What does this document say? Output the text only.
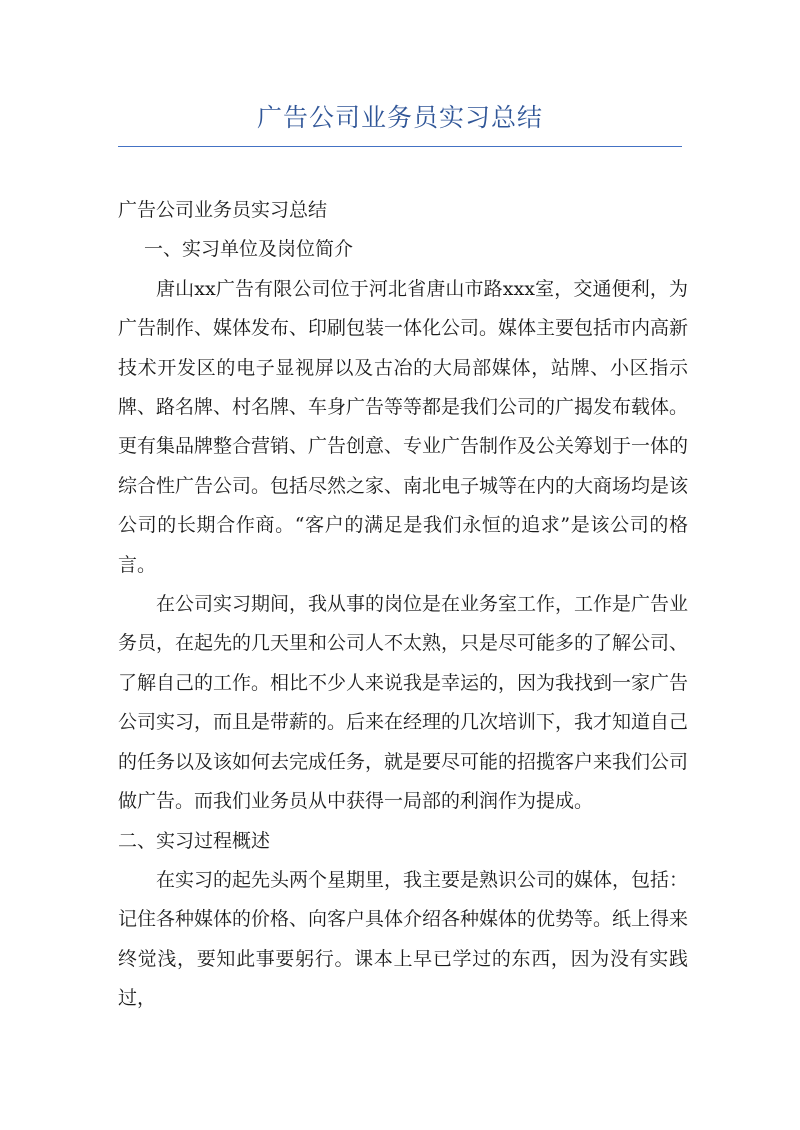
广告公司业务员实习总结

广告公司业务员实习总结

一、实习单位及岗位简介

唐山xx广告有限公司位于河北省唐山市路xxx室，交通便利，为广告制作、媒体发布、印刷包装一体化公司。媒体主要包括市内高新技术开发区的电子显视屏以及古冶的大局部媒体，站牌、小区指示牌、路名牌、村名牌、车身广告等等都是我们公司的广揭发布载体。更有集品牌整合营销、广告创意、专业广告制作及公关筹划于一体的综合性广告公司。包括尽然之家、南北电子城等在内的大商场均是该公司的长期合作商。“客户的满足是我们永恒的追求”是该公司的格言。

在公司实习期间，我从事的岗位是在业务室工作，工作是广告业务员，在起先的几天里和公司人不太熟，只是尽可能多的了解公司、了解自己的工作。相比不少人来说我是幸运的，因为我找到一家广告公司实习，而且是带薪的。后来在经理的几次培训下，我才知道自己的任务以及该如何去完成任务，就是要尽可能的招揽客户来我们公司做广告。而我们业务员从中获得一局部的利润作为提成。

二、实习过程概述

在实习的起先头两个星期里，我主要是熟识公司的媒体，包括：记住各种媒体的价格、向客户具体介绍各种媒体的优势等。纸上得来终觉浅，要知此事要躬行。课本上早已学过的东西，因为没有实践过，
